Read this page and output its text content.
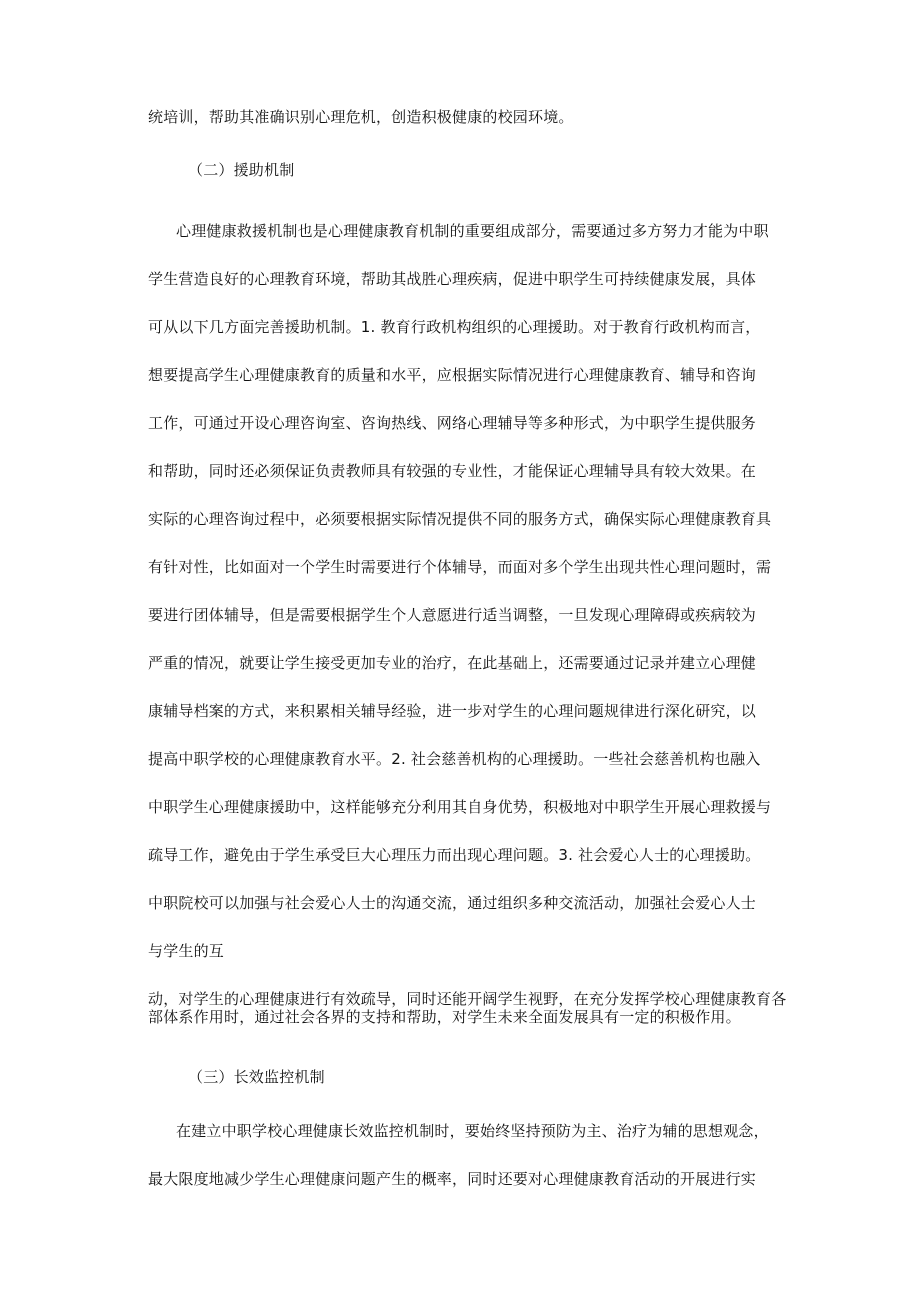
统培训，帮助其准确识别心理危机，创造积极健康的校园环境。
（二）援助机制
心理健康救援机制也是心理健康教育机制的重要组成部分，需要通过多方努力才能为中职
学生营造良好的心理教育环境，帮助其战胜心理疾病，促进中职学生可持续健康发展，具体
可从以下几方面完善援助机制。1. 教育行政机构组织的心理援助。对于教育行政机构而言，
想要提高学生心理健康教育的质量和水平，应根据实际情况进行心理健康教育、辅导和咨询
工作，可通过开设心理咨询室、咨询热线、网络心理辅导等多种形式，为中职学生提供服务
和帮助，同时还必须保证负责教师具有较强的专业性，才能保证心理辅导具有较大效果。在
实际的心理咨询过程中，必须要根据实际情况提供不同的服务方式，确保实际心理健康教育具
有针对性，比如面对一个学生时需要进行个体辅导，而面对多个学生出现共性心理问题时，需
要进行团体辅导，但是需要根据学生个人意愿进行适当调整，一旦发现心理障碍或疾病较为
严重的情况，就要让学生接受更加专业的治疗，在此基础上，还需要通过记录并建立心理健
康辅导档案的方式，来积累相关辅导经验，进一步对学生的心理问题规律进行深化研究，以
提高中职学校的心理健康教育水平。2. 社会慈善机构的心理援助。一些社会慈善机构也融入
中职学生心理健康援助中，这样能够充分利用其自身优势，积极地对中职学生开展心理救援与
疏导工作，避免由于学生承受巨大心理压力而出现心理问题。3. 社会爱心人士的心理援助。
中职院校可以加强与社会爱心人士的沟通交流，通过组织多种交流活动，加强社会爱心人士
与学生的互
动，对学生的心理健康进行有效疏导，同时还能开阔学生视野，在充分发挥学校心理健康教育各部体系作用时，通过社会各界的支持和帮助，对学生未来全面发展具有一定的积极作用。
（三）长效监控机制
在建立中职学校心理健康长效监控机制时，要始终坚持预防为主、治疗为辅的思想观念，
最大限度地减少学生心理健康问题产生的概率，同时还要对心理健康教育活动的开展进行实
